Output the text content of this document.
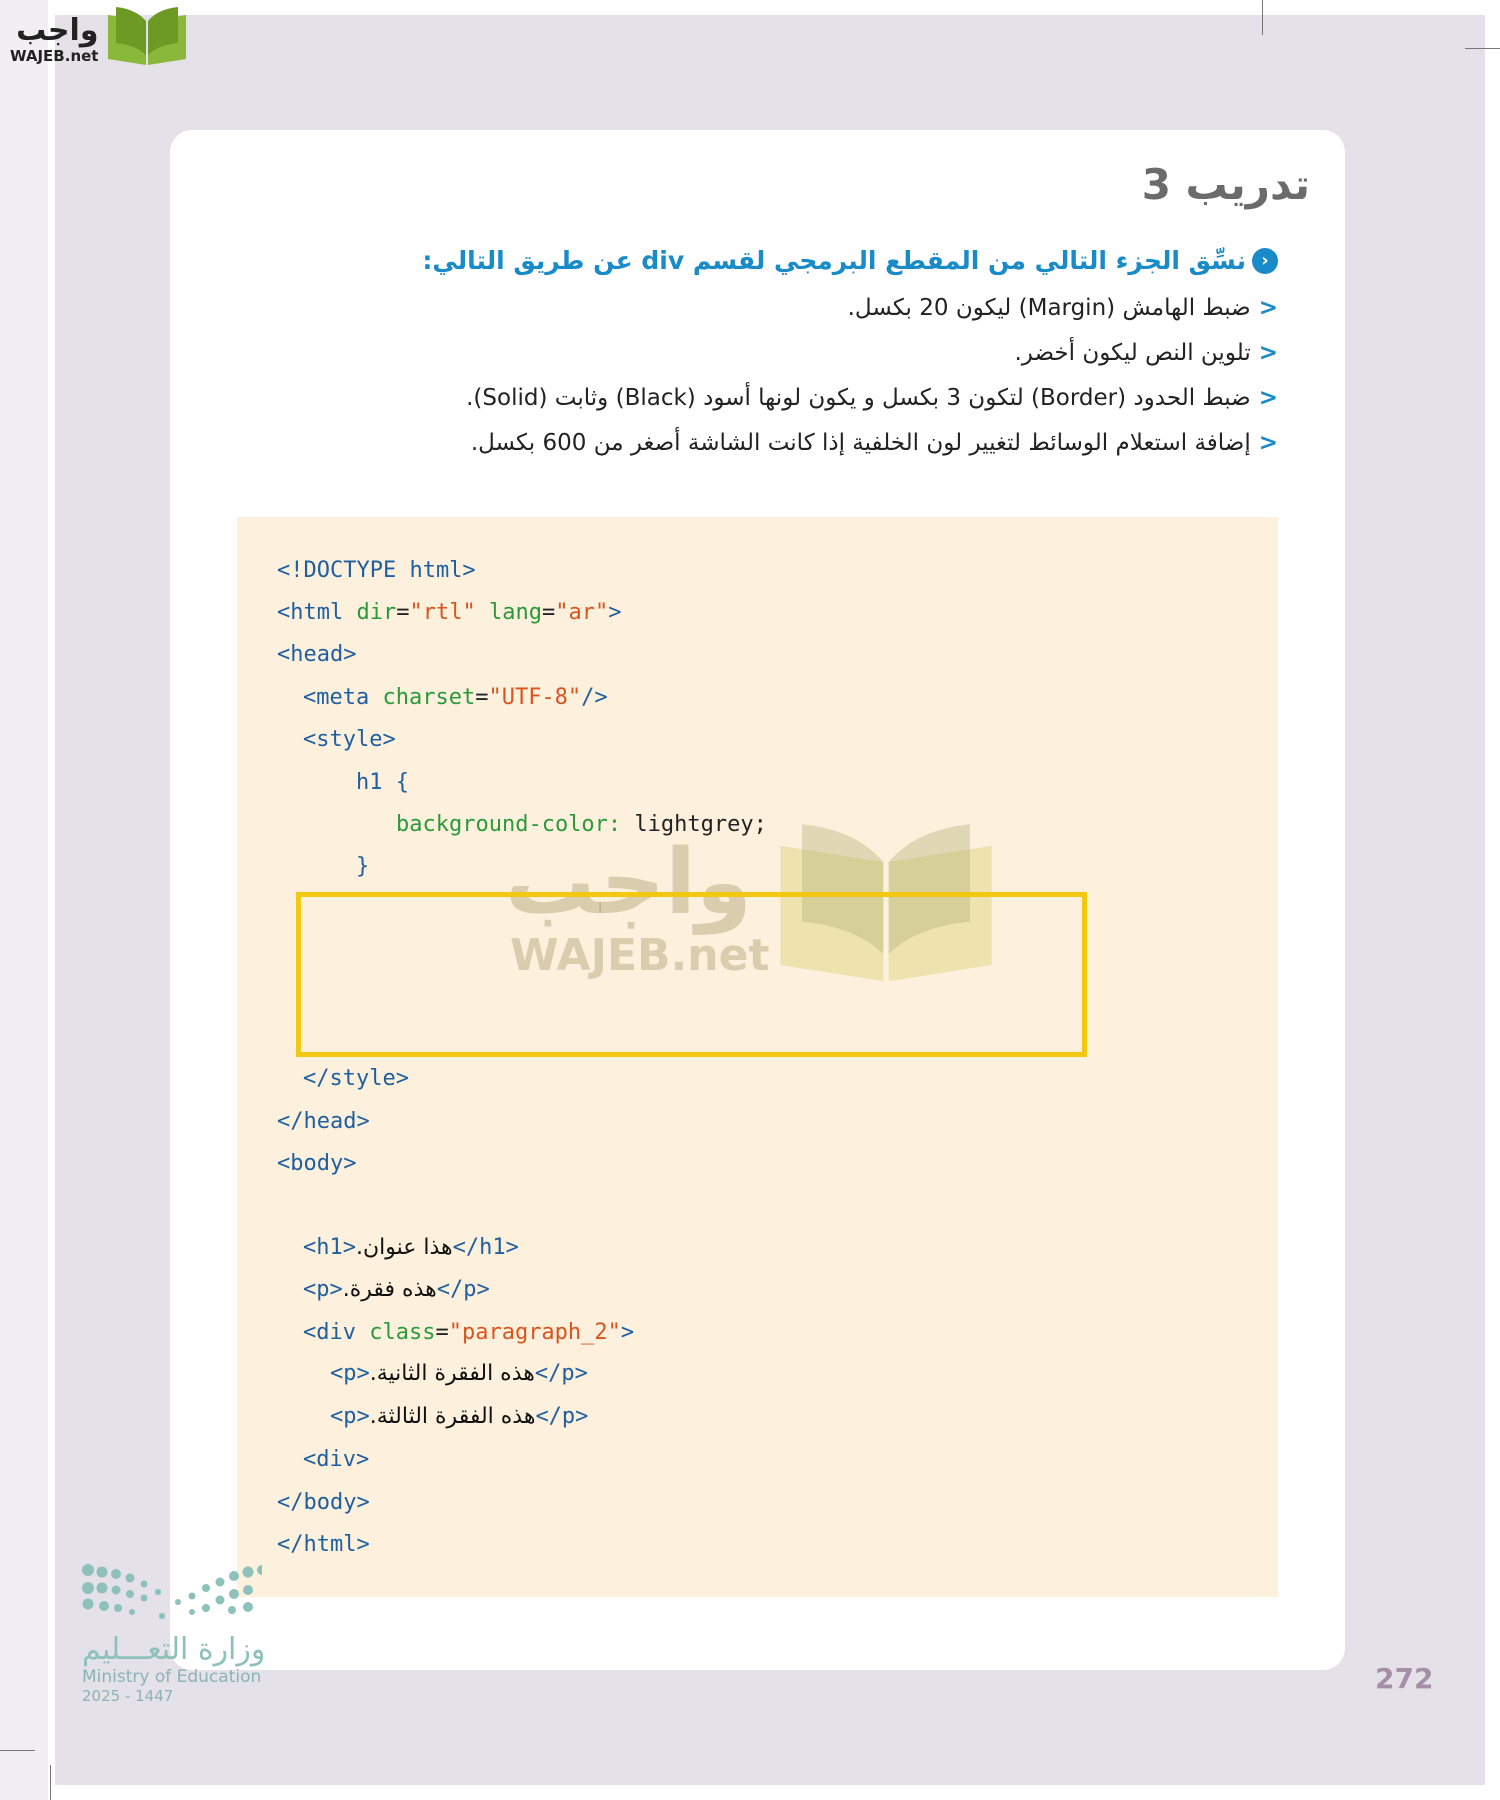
واجب
WAJEB.net
تدريب 3
‹
نسِّق الجزء التالي من المقطع البرمجي لقسم div عن طريق التالي:
<
ضبط الهامش (Margin) ليكون 20 بكسل.
<
تلوين النص ليكون أخضر.
<
ضبط الحدود (Border) لتكون 3 بكسل و يكون لونها أسود (Black) وثابت (Solid).
<
إضافة استعلام الوسائط لتغيير لون الخلفية إذا كانت الشاشة أصغر من 600 بكسل.
<!DOCTYPE html>
<html dir="rtl" lang="ar">
<head>
<meta charset="UTF-8"/>
<style>
h1 {
background-color: lightgrey;
}
</style>
</head>
<body>
<h1>هذا عنوان.</h1>
<p>هذه فقرة.</p>
<div class="paragraph_2">
<p>هذه الفقرة الثانية.</p>
<p>هذه الفقرة الثالثة.</p>
<div>
</body>
</html>
واجب
WAJEB.net
وزارة التعـــليم
Ministry of Education
2025 - 1447
272
